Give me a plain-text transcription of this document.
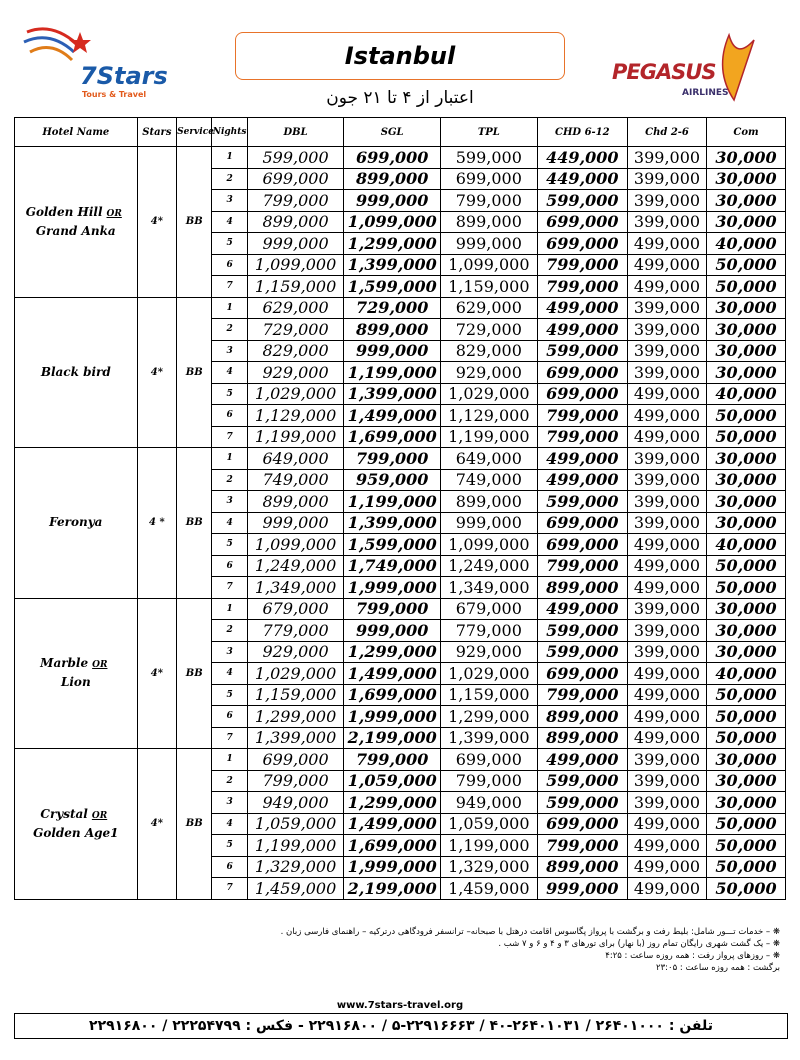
7Stars
Tours & Travel
Istanbul
اعتبار از ۴ تا ۲۱ جون
PEGASUS
AIRLINES
Hotel Name	Stars	Service	Nights	DBL	SGL	TPL	CHD 6-12	Chd 2-6	Com
Golden Hill OR
Grand Anka	4*	BB	1	599,000	699,000	599,000	449,000	399,000	30,000
			2	699,000	899,000	699,000	449,000	399,000	30,000
			3	799,000	999,000	799,000	599,000	399,000	30,000
			4	899,000	1,099,000	899,000	699,000	399,000	30,000
			5	999,000	1,299,000	999,000	699,000	499,000	40,000
			6	1,099,000	1,399,000	1,099,000	799,000	499,000	50,000
			7	1,159,000	1,599,000	1,159,000	799,000	499,000	50,000
Black bird	4*	BB	1	629,000	729,000	629,000	499,000	399,000	30,000
			2	729,000	899,000	729,000	499,000	399,000	30,000
			3	829,000	999,000	829,000	599,000	399,000	30,000
			4	929,000	1,199,000	929,000	699,000	399,000	30,000
			5	1,029,000	1,399,000	1,029,000	699,000	499,000	40,000
			6	1,129,000	1,499,000	1,129,000	799,000	499,000	50,000
			7	1,199,000	1,699,000	1,199,000	799,000	499,000	50,000
Feronya	4 *	BB	1	649,000	799,000	649,000	499,000	399,000	30,000
			2	749,000	959,000	749,000	499,000	399,000	30,000
			3	899,000	1,199,000	899,000	599,000	399,000	30,000
			4	999,000	1,399,000	999,000	699,000	399,000	30,000
			5	1,099,000	1,599,000	1,099,000	699,000	499,000	40,000
			6	1,249,000	1,749,000	1,249,000	799,000	499,000	50,000
			7	1,349,000	1,999,000	1,349,000	899,000	499,000	50,000
Marble OR
Lion	4*	BB	1	679,000	799,000	679,000	499,000	399,000	30,000
			2	779,000	999,000	779,000	599,000	399,000	30,000
			3	929,000	1,299,000	929,000	599,000	399,000	30,000
			4	1,029,000	1,499,000	1,029,000	699,000	499,000	40,000
			5	1,159,000	1,699,000	1,159,000	799,000	499,000	50,000
			6	1,299,000	1,999,000	1,299,000	899,000	499,000	50,000
			7	1,399,000	2,199,000	1,399,000	899,000	499,000	50,000
Crystal OR
Golden Age1	4*	BB	1	699,000	799,000	699,000	499,000	399,000	30,000
			2	799,000	1,059,000	799,000	599,000	399,000	30,000
			3	949,000	1,299,000	949,000	599,000	399,000	30,000
			4	1,059,000	1,499,000	1,059,000	699,000	499,000	50,000
			5	1,199,000	1,699,000	1,199,000	799,000	499,000	50,000
			6	1,329,000	1,999,000	1,329,000	899,000	499,000	50,000
			7	1,459,000	2,199,000	1,459,000	999,000	499,000	50,000
❋ – خدمات تـــور شامل: بلیط رفت و برگشت با پرواز پگاسوس اقامت درهتل با صبحانه– ترانسفر فرودگاهی درترکیه – راهنمای فارسی زبان .
❋ – یک گشت شهری رایگان تمام روز (با نهار) برای تورهای ۳ و ۴ و ۶ و ۷ شب .
❋ – روزهای پرواز رفت : همه روزه ساعت : ۴:۲۵
برگشت : همه روزه ساعت : ۲۳:۰۵
www.7stars-travel.org
تلفن : ۲۶۴۰۱۰۰۰ / ۲۶۴۰۱۰۳۱-۴۰ / ۲۲۹۱۶۶۶۳-۵ / ۲۲۹۱۶۸۰۰ - فکس : ۲۲۲۵۴۷۹۹ / ۲۲۹۱۶۸۰۰
